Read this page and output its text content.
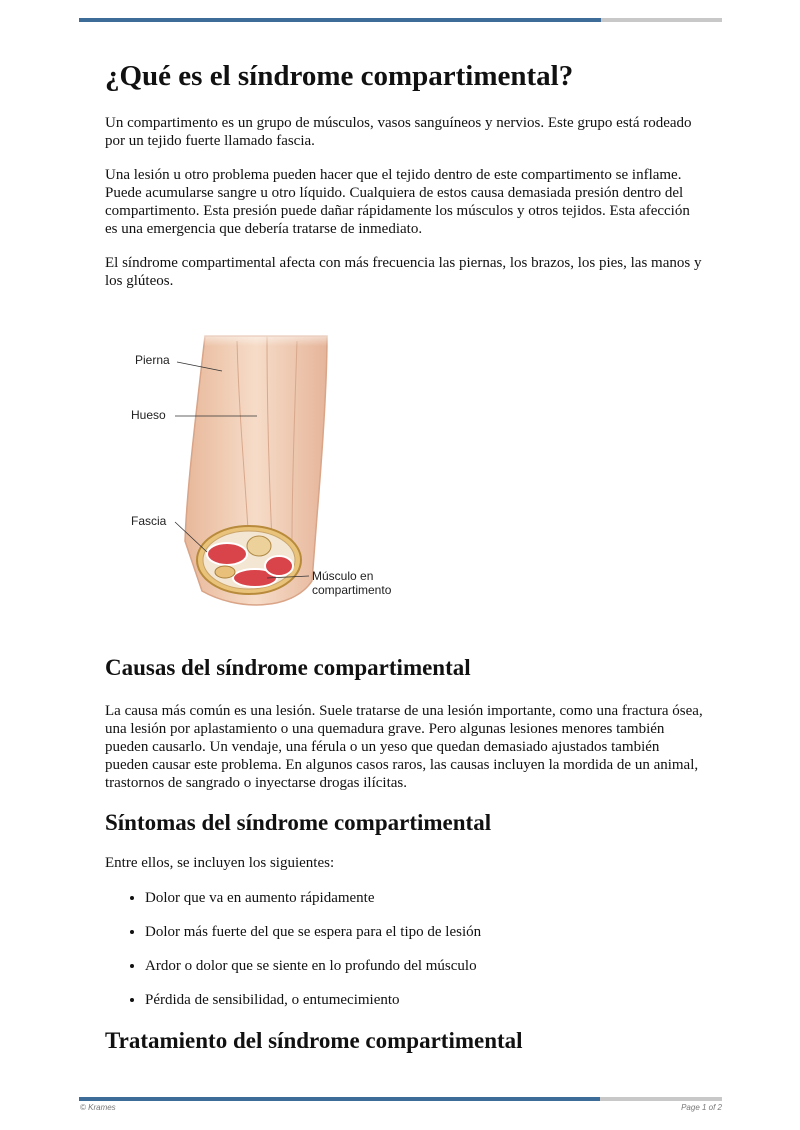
¿Qué es el síndrome compartimental?

Un compartimento es un grupo de músculos, vasos sanguíneos y nervios. Este grupo está rodeado por un tejido fuerte llamado fascia.

Una lesión u otro problema pueden hacer que el tejido dentro de este compartimento se inflame. Puede acumularse sangre u otro líquido. Cualquiera de estos causa demasiada presión dentro del compartimento. Esta presión puede dañar rápidamente los músculos y otros tejidos. Esta afección es una emergencia que debería tratarse de inmediato.

El síndrome compartimental afecta con más frecuencia las piernas, los brazos, los pies, las manos y los glúteos.

Pierna
Hueso
Fascia
Músculo en
compartimento
Causas del síndrome compartimental

La causa más común es una lesión. Suele tratarse de una lesión importante, como una fractura ósea, una lesión por aplastamiento o una quemadura grave. Pero algunas lesiones menores también pueden causarlo. Un vendaje, una férula o un yeso que quedan demasiado ajustados también pueden causar este problema. En algunos casos raros, las causas incluyen la mordida de un animal, trastornos de sangrado o inyectarse drogas ilícitas.

Síntomas del síndrome compartimental

Entre ellos, se incluyen los siguientes:

• Dolor que va en aumento rápidamente
• Dolor más fuerte del que se espera para el tipo de lesión
• Ardor o dolor que se siente en lo profundo del músculo
• Pérdida de sensibilidad, o entumecimiento
Tratamiento del síndrome compartimental
© Krames	Page 1 of 2
